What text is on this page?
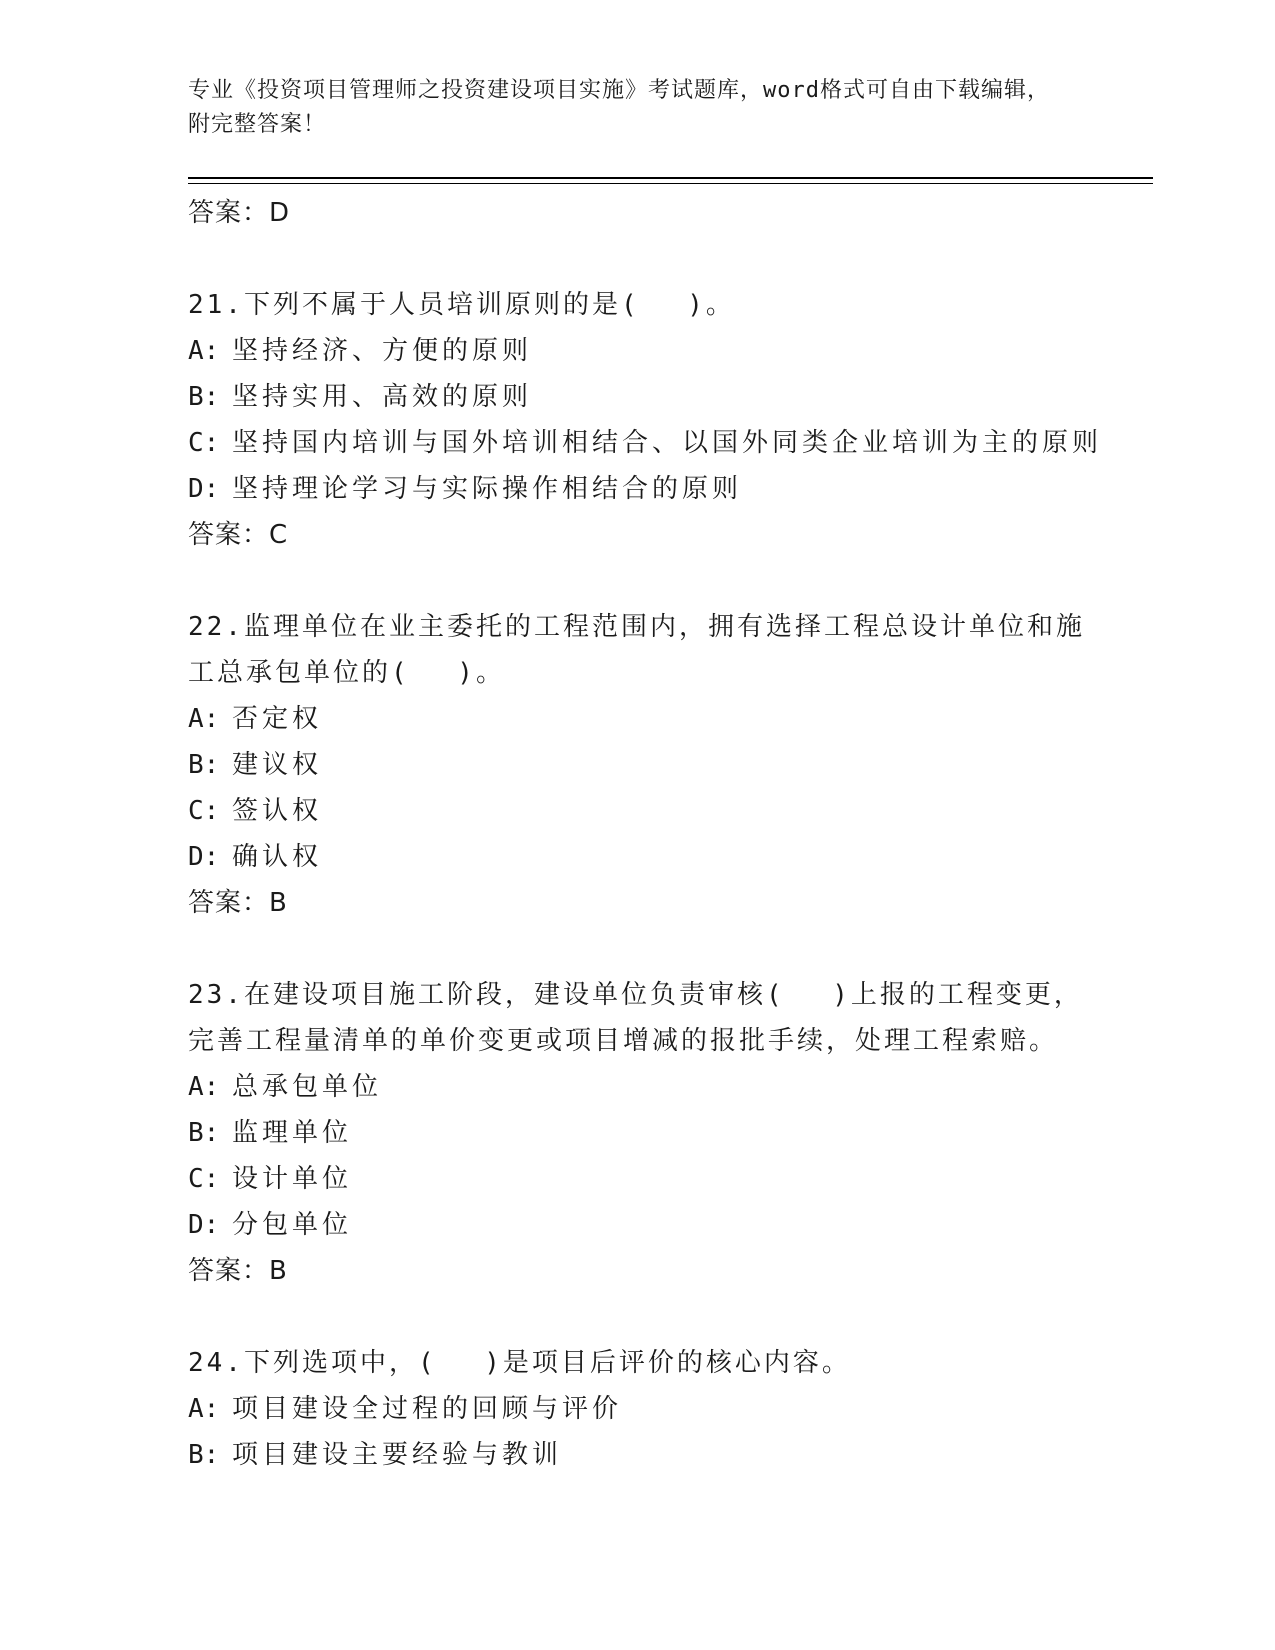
专业《投资项目管理师之投资建设项目实施》考试题库，word格式可自由下载编辑，附完整答案！
答案：D
21.下列不属于人员培训原则的是(　 )。
A: 坚持经济、方便的原则
B: 坚持实用、高效的原则
C: 坚持国内培训与国外培训相结合、以国外同类企业培训为主的原则
D: 坚持理论学习与实际操作相结合的原则
答案：C
22.监理单位在业主委托的工程范围内，拥有选择工程总设计单位和施工总承包单位的(　 )。
A: 否定权
B: 建议权
C: 签认权
D: 确认权
答案：B
23.在建设项目施工阶段，建设单位负责审核(　 )上报的工程变更，完善工程量清单的单价变更或项目增减的报批手续，处理工程索赔。
A: 总承包单位
B: 监理单位
C: 设计单位
D: 分包单位
答案：B
24.下列选项中，(　 )是项目后评价的核心内容。
A: 项目建设全过程的回顾与评价
B: 项目建设主要经验与教训
